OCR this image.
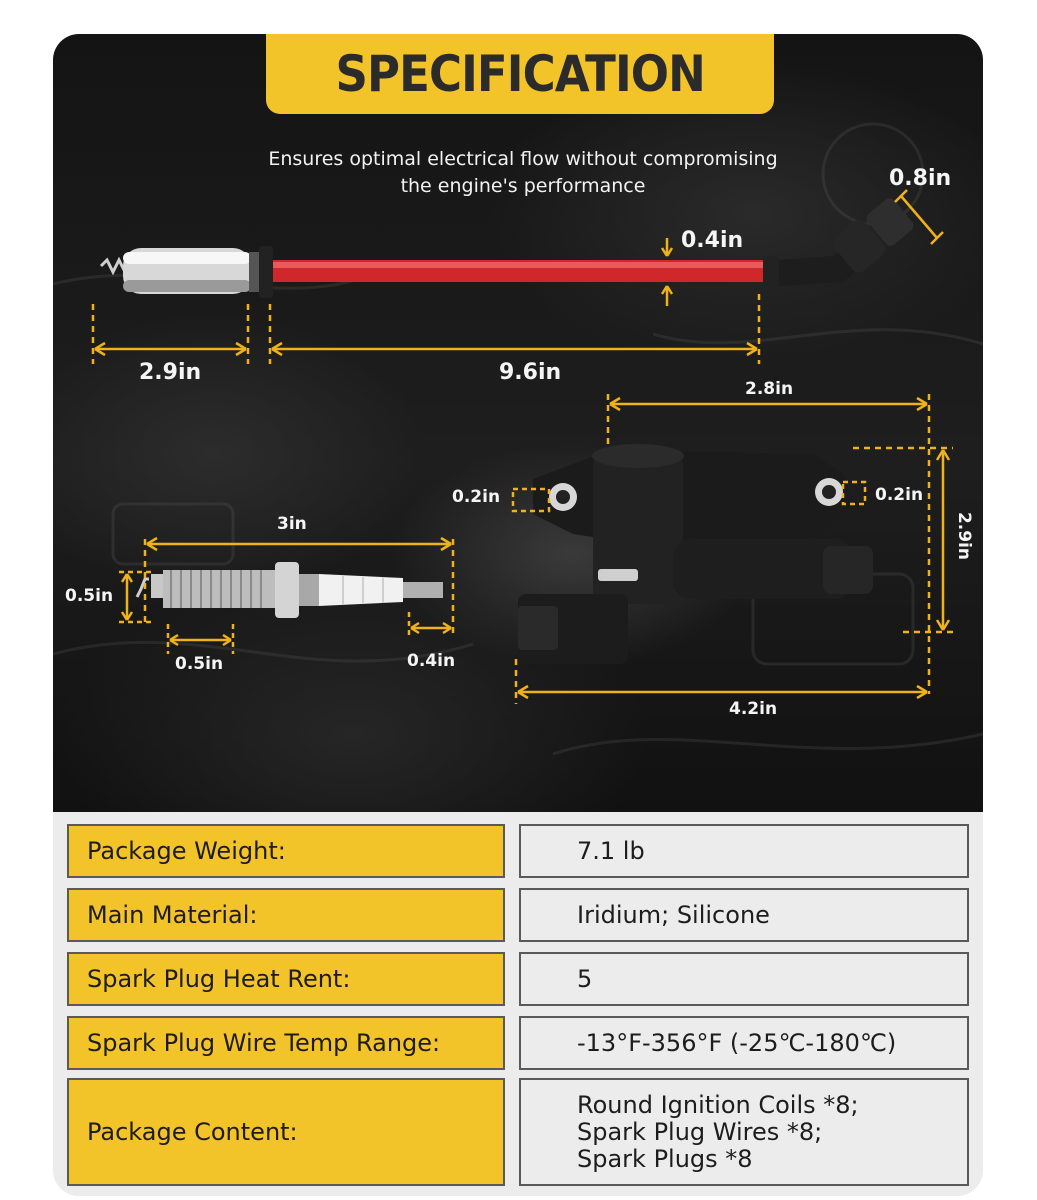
SPECIFICATION
Ensures optimal electrical flow without compromising
the engine's performance
2.9in	9.6in
0.4in
0.8in
3in
0.5in
0.5in	0.4in
2.8in
0.2in	0.2in
2.9in
4.2in
Package Weight:	7.1 lb
Main Material:	Iridium; Silicone
Spark Plug Heat Rent:	5
Spark Plug Wire Temp Range:	-13°F-356°F (-25℃-180℃)
Package Content:
Round Ignition Coils *8;
Spark Plug Wires *8;
Spark Plugs *8
